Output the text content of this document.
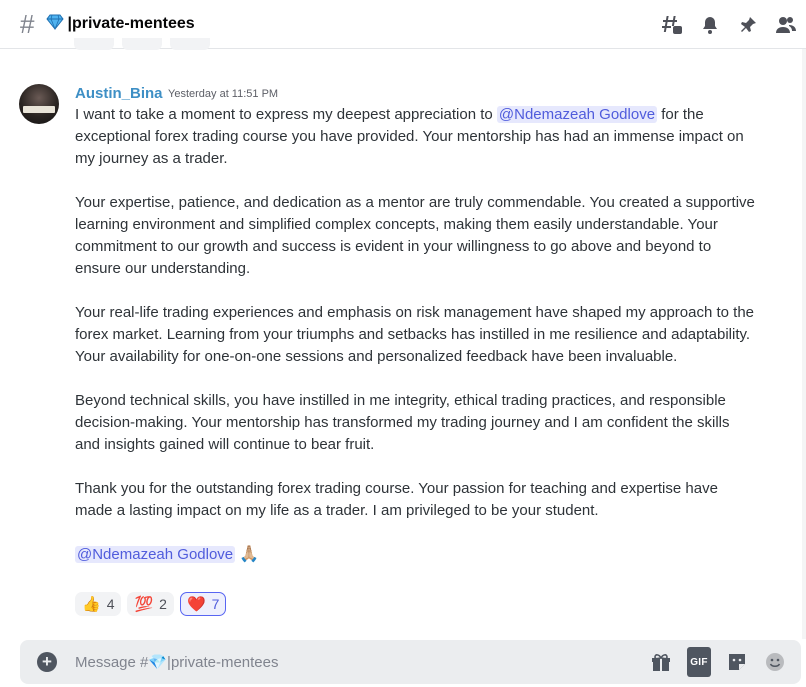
# |private-mentees
Austin_Bina Yesterday at 11:51 PM

I want to take a moment to express my deepest appreciation to @Ndemazeah Godlove for the exceptional forex trading course you have provided. Your mentorship has had an immense impact on my journey as a trader.

Your expertise, patience, and dedication as a mentor are truly commendable. You created a supportive learning environment and simplified complex concepts, making them easily understandable. Your commitment to our growth and success is evident in your willingness to go above and beyond to ensure our understanding.

Your real-life trading experiences and emphasis on risk management have shaped my approach to the forex market. Learning from your triumphs and setbacks has instilled in me resilience and adaptability. Your availability for one-on-one sessions and personalized feedback have been invaluable.

Beyond technical skills, you have instilled in me integrity, ethical trading practices, and responsible decision-making. Your mentorship has transformed my trading journey and I am confident the skills and insights gained will continue to bear fruit.

Thank you for the outstanding forex trading course. Your passion for teaching and expertise have made a lasting impact on my life as a trader. I am privileged to be your student.

@Ndemazeah Godlove 🙏🏼

👍 4 💯 2 ❤️ 7
+	Message #💎|private-mentees	GIF
